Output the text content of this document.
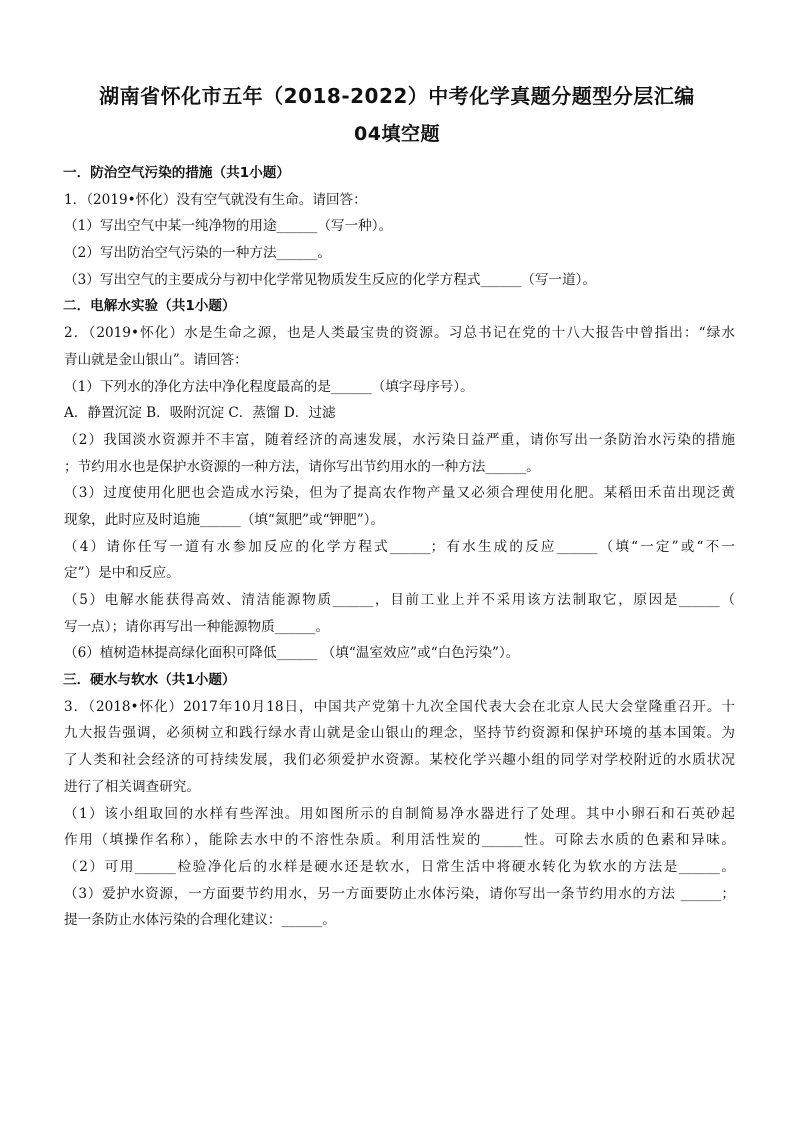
湖南省怀化市五年（2018-2022）中考化学真题分题型分层汇编
04填空题
一．防治空气污染的措施（共1小题）
1．（2019•怀化）没有空气就没有生命。请回答：
（1）写出空气中某一纯净物的用途______（写一种）。
（2）写出防治空气污染的一种方法______。
（3）写出空气的主要成分与初中化学常见物质发生反应的化学方程式______（写一道）。
二．电解水实验（共1小题）
2．（2019•怀化）水是生命之源，也是人类最宝贵的资源。习总书记在党的十八大报告中曾指出：“绿水
青山就是金山银山”。请回答：
（1）下列水的净化方法中净化程度最高的是______（填字母序号）。
A．静置沉淀 B．吸附沉淀 C．蒸馏 D．过滤
（2）我国淡水资源并不丰富，随着经济的高速发展，水污染日益严重，请你写出一条防治水污染的措施
；节约用水也是保护水资源的一种方法，请你写出节约用水的一种方法______。
（3）过度使用化肥也会造成水污染，但为了提高农作物产量又必须合理使用化肥。某稻田禾苗出现泛黄
现象，此时应及时追施______（填“氮肥”或“钾肥”）。
（4）请你任写一道有水参加反应的化学方程式______；有水生成的反应______（填“一定”或“不一
定”）是中和反应。
（5）电解水能获得高效、清洁能源物质______，目前工业上并不采用该方法制取它，原因是______（
写一点）；请你再写出一种能源物质______。
（6）植树造林提高绿化面积可降低______ （填“温室效应”或“白色污染”）。
三．硬水与软水（共1小题）
3．（2018•怀化）2017年10月18日，中国共产党第十九次全国代表大会在北京人民大会堂隆重召开。十
九大报告强调，必须树立和践行绿水青山就是金山银山的理念，坚持节约资源和保护环境的基本国策。为
了人类和社会经济的可持续发展，我们必须爱护水资源。某校化学兴趣小组的同学对学校附近的水质状况
进行了相关调查研究。
（1）该小组取回的水样有些浑浊。用如图所示的自制简易净水器进行了处理。其中小卵石和石英砂起
作用（填操作名称），能除去水中的不溶性杂质。利用活性炭的______性。可除去水质的色素和异味。
（2）可用______检验净化后的水样是硬水还是软水，日常生活中将硬水转化为软水的方法是______。
（3）爱护水资源，一方面要节约用水，另一方面要防止水体污染，请你写出一条节约用水的方法 ______；
提一条防止水体污染的合理化建议：______。
